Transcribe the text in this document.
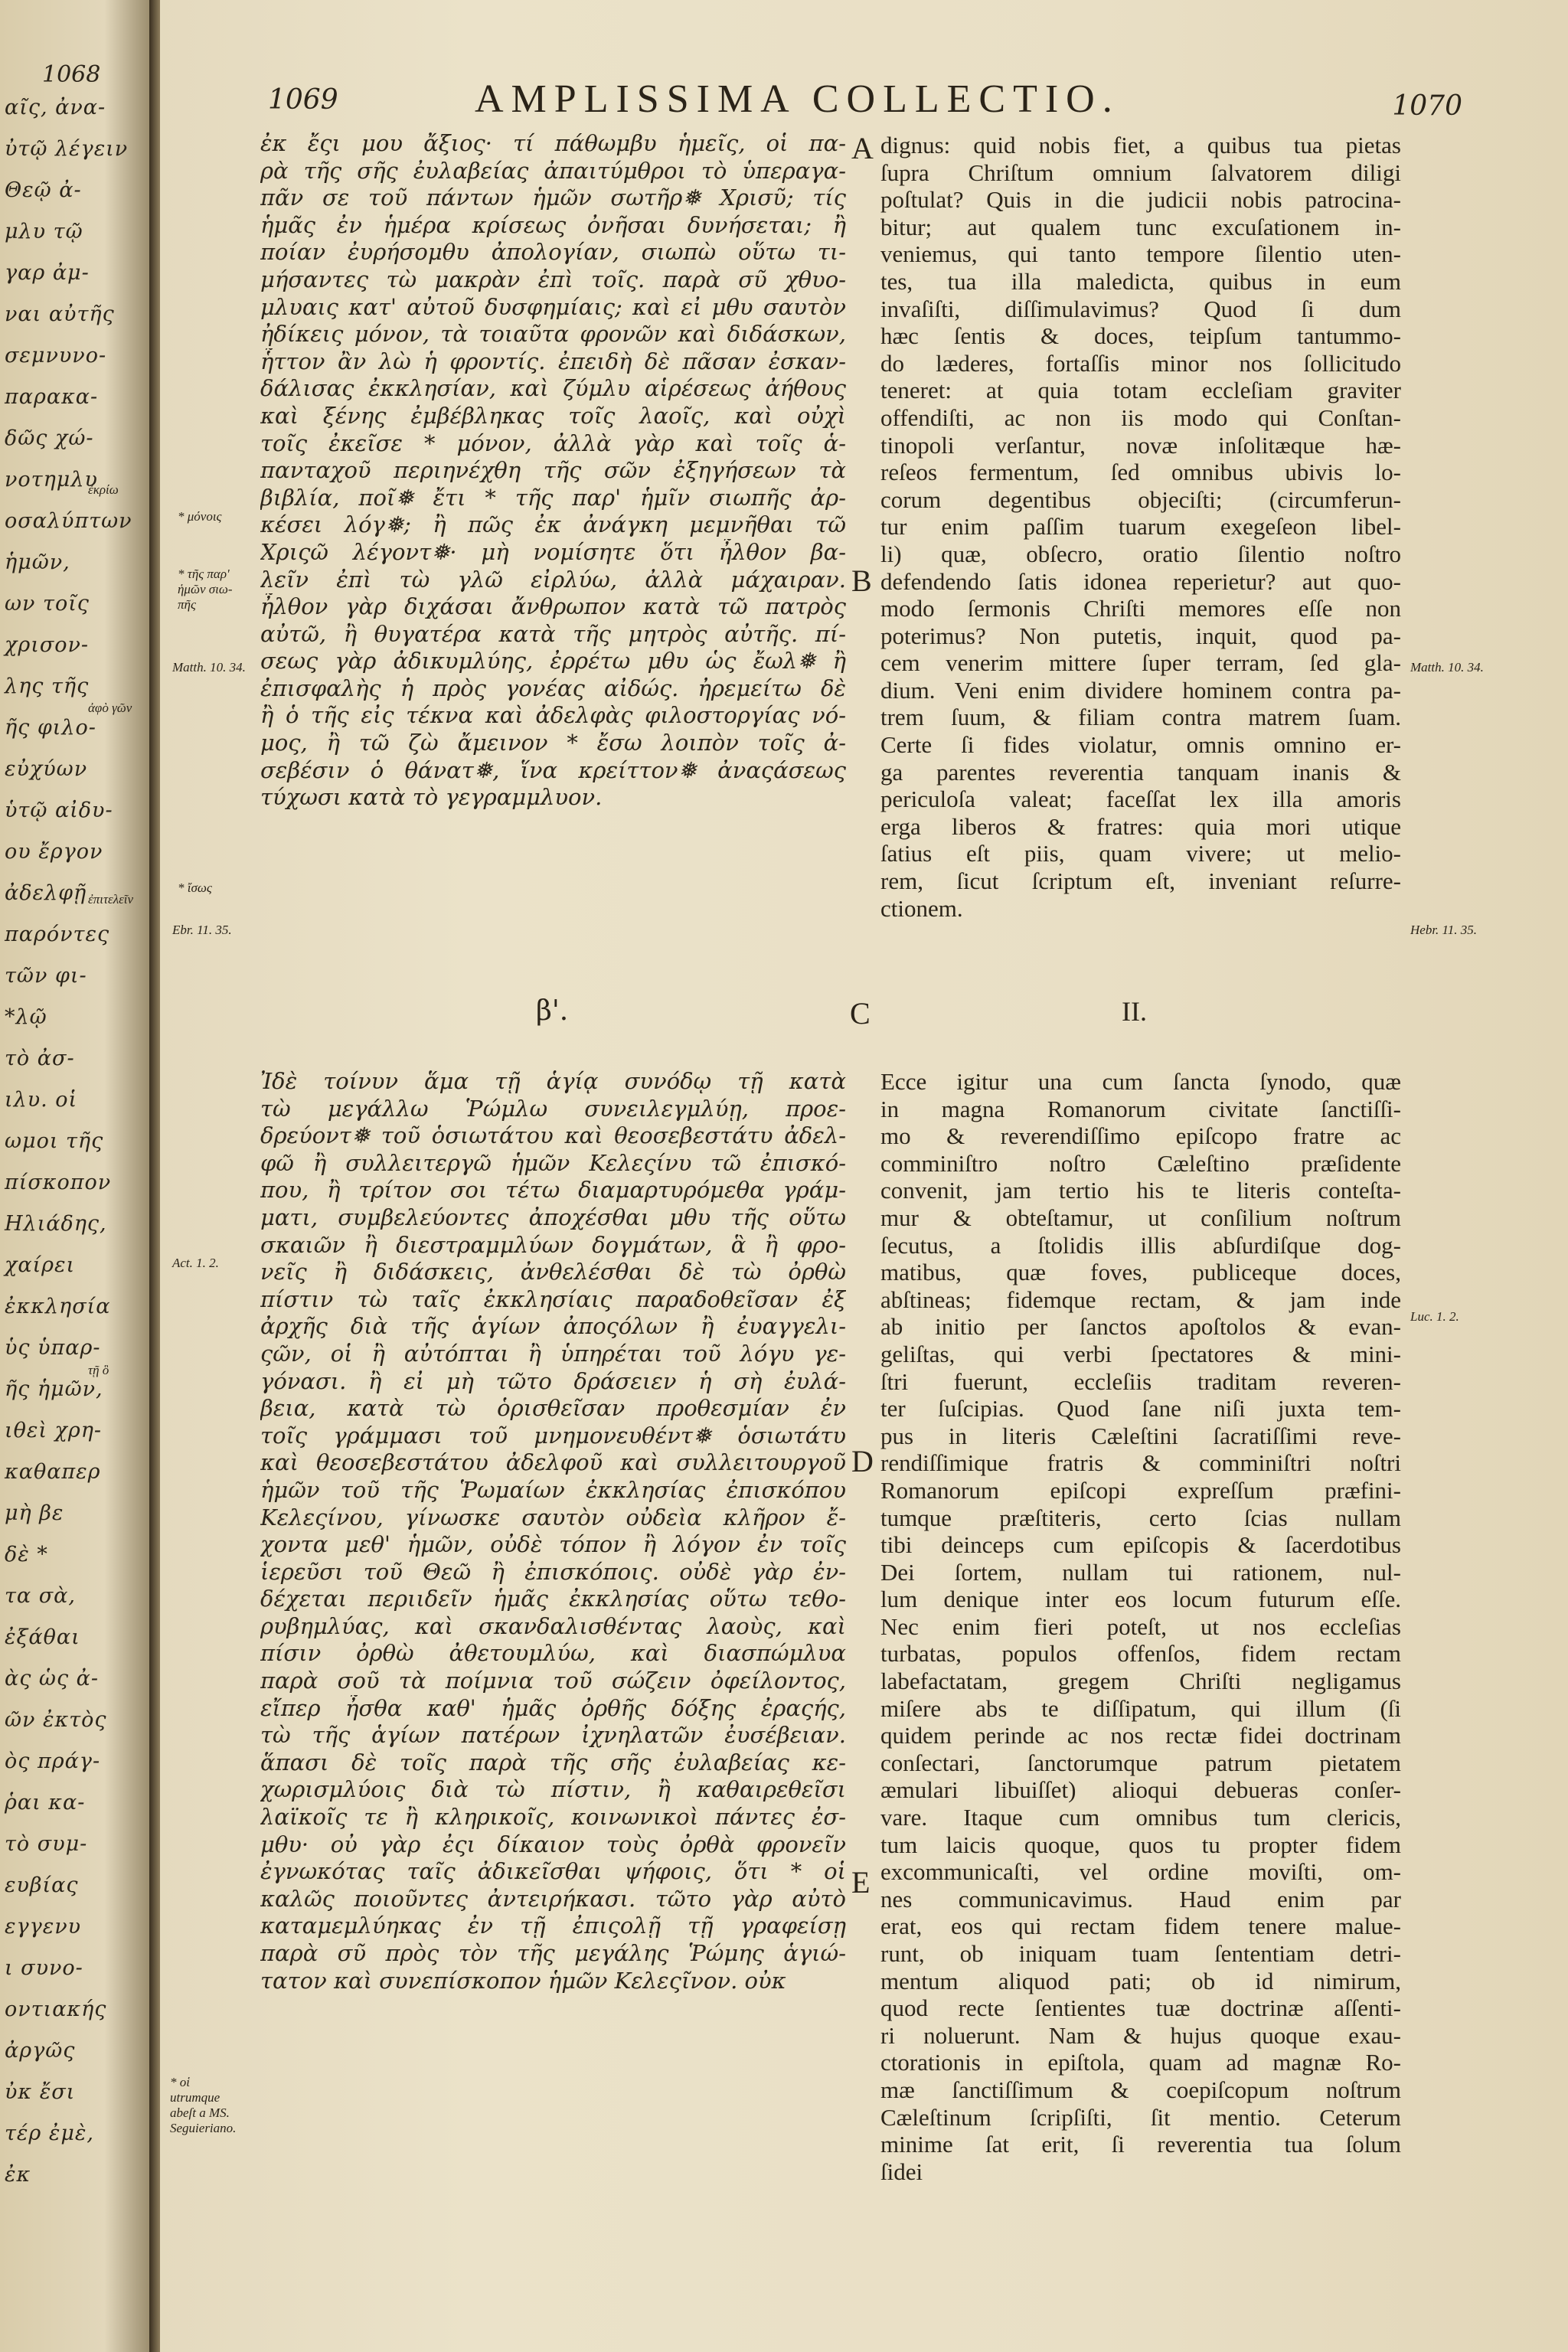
1068
αῖς, ἀνα-
ὐτῷ λέγειν
Θεῷ ἀ-
μλυ τῷ
γαρ ἀμ-
ναι αὐτῆς
σεμνυνο-
παρακα-
δῶς χώ-
νοτημλυ
οσαλύπτων
ἡμῶν,
ων τοῖς
χρισον-
λης τῆς
ῆς φιλο-
εὐχύων
ὑτῷ αἰδυ-
ου ἔργον
ἀδελφῇ
παρόντες
τῶν φι-
*λῷ
τὸ ἀσ-
ιλυ. οἱ
ωμοι τῆς
πίσκοπον
Ηλιάδης,
χαίρει
ἐκκλησία
ὑς ὑπαρ-
ῆς ἡμῶν,
ιθεὶ χρη-
καθαπερ
μὴ βε
δὲ *
τα σὰ,
ἐξάθαι
ὰς ὡς ἀ-
ῶν ἐκτὸς
ὸς πράγ-
ῥαι κα-
τὸ συμ-
ευβίας
εγγενυ
ι συνο-
οντιακής
ἀργῶς
ὐκ ἔσι
τέρ ἐμὲ,
ἐκ
ἐκρίω
ἀφὸ γῶν
ἐπιτελεῖν
τῇ ὃ
1069	AMPLISSIMA COLLECTIO.	1070
ἐκ ἔςι μου ἄξιος· τί πάθωμβυ ἡμεῖς, οἱ πα-
ρὰ τῆς σῆς ἐυλαβείας ἀπαιτύμθροι τὸ ὑπεραγα-
πᾶν σε τοῦ πάντων ἡμῶν σωτῆρ❅ Χρισῦ; τίς
ἡμᾶς ἐν ἡμέρα κρίσεως ὀνῆσαι δυνήσεται; ἢ
ποίαν ἐυρήσομθυ ἀπολογίαν, σιωπὼ οὕτω τι-
μήσαντες τὼ μακρὰν ἐπὶ τοῖς. παρὰ σῦ χθυο-
μλυαις κατ' αὐτοῦ δυσφημίαις; καὶ εἰ μθυ σαυτὸν
ἠδίκεις μόνον, τὰ τοιαῦτα φρονῶν καὶ διδάσκων,
ἧττον ἂν λὼ ἡ φροντίς. ἐπειδὴ δὲ πᾶσαν ἐσκαν-
δάλισας ἐκκλησίαν, καὶ ζύμλυ αἱρέσεως ἀήθους
καὶ ξένης ἐμβέβληκας τοῖς λαοῖς, καὶ οὐχὶ
τοῖς ἐκεῖσε * μόνον, ἀλλὰ γὰρ καὶ τοῖς ἁ-
πανταχοῦ περιηνέχθη τῆς σῶν ἐξηγήσεων τὰ
βιβλία, ποῖ❅ ἔτι * τῆς παρ' ἡμῖν σιωπῆς ἀρ-
κέσει λόγ❅; ἢ πῶς ἐκ ἀνάγκη μεμνῆθαι τῶ
Χριςῶ λέγοντ❅· μὴ νομίσητε ὅτι ἦλθον βα-
λεῖν ἐπὶ τὼ γλῶ εἰρλύω, ἀλλὰ μάχαιραν.
ἦλθον γὰρ διχάσαι ἄνθρωπον κατὰ τῶ πατρὸς
αὐτῶ, ἢ θυγατέρα κατὰ τῆς μητρὸς αὐτῆς. πί-
σεως γὰρ ἀδικυμλύης, ἐρρέτω μθυ ὡς ἔωλ❅ ἢ
ἐπισφαλὴς ἡ πρὸς γονέας αἰδώς. ἠρεμείτω δὲ
ἢ ὁ τῆς εἰς τέκνα καὶ ἀδελφὰς φιλοστοργίας νό-
μος, ἢ τῶ ζὼ ἄμεινον * ἔσω λοιπὸν τοῖς ἀ-
σεβέσιν ὁ θάνατ❅, ἵνα κρείττον❅ ἀναςάσεως
τύχωσι κατὰ τὸ γεγραμμλυον.
dignus: quid nobis fiet, a quibus tua pietas
ſupra Chriſtum omnium ſalvatorem diligi
poſtulat? Quis in die judicii nobis patrocina-
bitur; aut qualem tunc excuſationem in-
veniemus, qui tanto tempore ſilentio uten-
tes, tua illa maledicta, quibus in eum
invaſiſti, diſſimulavimus? Quod ſi dum
hæc ſentis & doces, teipſum tantummo-
do læderes, fortaſſis minor nos ſollicitudo
teneret: at quia totam eccleſiam graviter
offendiſti, ac non iis modo qui Conſtan-
tinopoli verſantur, novæ inſolitæque hæ-
reſeos fermentum, ſed omnibus ubivis lo-
corum degentibus objeciſti; (circumferun-
tur enim paſſim tuarum exegeſeon libel-
li) quæ, obſecro, oratio ſilentio noſtro
defendendo ſatis idonea reperietur? aut quo-
modo ſermonis Chriſti memores eſſe non
poterimus? Non putetis, inquit, quod pa-
cem venerim mittere ſuper terram, ſed gla-
dium. Veni enim dividere hominem contra pa-
trem ſuum, & filiam contra matrem ſuam.
Certe ſi fides violatur, omnis omnino er-
ga parentes reverentia tanquam inanis &
periculoſa valeat; faceſſat lex illa amoris
erga liberos & fratres: quia mori utique
ſatius eſt piis, quam vivere; ut melio-
rem, ſicut ſcriptum eſt, inveniant reſurre-
ctionem.
A
B
D
E
β'.	C	II.
Ἰδὲ τοίνυν ἅμα τῇ ἁγίᾳ συνόδῳ τῇ κατὰ
τὼ μεγάλλω Ῥώμλω συνειλεγμλύῃ, προε-
δρεύοντ❅ τοῦ ὁσιωτάτου καὶ θεοσεβεστάτυ ἀδελ-
φῶ ἢ συλλειτεργῶ ἡμῶν Κελεςίνυ τῶ ἐπισκό-
που, ἢ τρίτον σοι τέτω διαμαρτυρόμεθα γράμ-
ματι, συμβελεύοντες ἀποχέσθαι μθυ τῆς οὕτω
σκαιῶν ἢ διεστραμμλύων δογμάτων, ἃ ἢ φρο-
νεῖς ἢ διδάσκεις, ἀνθελέσθαι δὲ τὼ ὀρθὼ
πίστιν τὼ ταῖς ἐκκλησίαις παραδοθεῖσαν ἐξ
ἀρχῆς διὰ τῆς ἁγίων ἀποςόλων ἢ ἐυαγγελι-
ςῶν, οἱ ἢ αὐτόπται ἢ ὑπηρέται τοῦ λόγυ γε-
γόνασι. ἢ εἰ μὴ τῶτο δράσειεν ἡ σὴ ἐυλά-
βεια, κατὰ τὼ ὁρισθεῖσαν προθεσμίαν ἐν
τοῖς γράμμασι τοῦ μνημονευθέντ❅ ὁσιωτάτυ
καὶ θεοσεβεστάτου ἀδελφοῦ καὶ συλλειτουργοῦ
ἡμῶν τοῦ τῆς Ῥωμαίων ἐκκλησίας ἐπισκόπου
Κελεςίνου, γίνωσκε σαυτὸν οὐδεὶα κλῆρον ἔ-
χοντα μεθ' ἡμῶν, οὐδὲ τόπον ἢ λόγον ἐν τοῖς
ἱερεῦσι τοῦ Θεῶ ἢ ἐπισκόποις. οὐδὲ γὰρ ἐν-
δέχεται περιιδεῖν ἡμᾶς ἐκκλησίας οὕτω τεθο-
ρυβημλύας, καὶ σκανδαλισθέντας λαοὺς, καὶ
πίσιν ὀρθὼ ἀθετουμλύω, καὶ διασπώμλυα
παρὰ σοῦ τὰ ποίμνια τοῦ σώζειν ὀφείλοντος,
εἴπερ ἦσθα καθ' ἡμᾶς ὀρθῆς δόξης ἐραςής,
τὼ τῆς ἁγίων πατέρων ἰχνηλατῶν ἐυσέβειαν.
ἅπασι δὲ τοῖς παρὰ τῆς σῆς ἐυλαβείας κε-
χωρισμλύοις διὰ τὼ πίστιν, ἢ καθαιρεθεῖσι
λαϊκοῖς τε ἢ κληρικοῖς, κοινωνικοὶ πάντες ἐσ-
μθυ· οὐ γὰρ ἐςι δίκαιον τοὺς ὀρθὰ φρονεῖν
ἐγνωκότας ταῖς ἀδικεῖσθαι ψήφοις, ὅτι * οἱ
καλῶς ποιοῦντες ἀντειρήκασι. τῶτο γὰρ αὐτὸ
καταμεμλύηκας ἐν τῇ ἐπιςολῇ τῇ γραφείσῃ
παρὰ σῦ πρὸς τὸν τῆς μεγάλης Ῥώμης ἁγιώ-
τατον καὶ συνεπίσκοπον ἡμῶν Κελεςῖνον. οὐκ
Ecce igitur una cum ſancta ſynodo, quæ
in magna Romanorum civitate ſanctiſſi-
mo & reverendiſſimo epiſcopo fratre ac
comminiſtro noſtro Cæleſtino præſidente
convenit, jam tertio his te literis conteſta-
mur & obteſtamur, ut conſilium noſtrum
ſecutus, a ſtolidis illis abſurdiſque dog-
matibus, quæ foves, publiceque doces,
abſtineas; fidemque rectam, & jam inde
ab initio per ſanctos apoſtolos & evan-
geliſtas, qui verbi ſpectatores & mini-
ſtri fuerunt, eccleſiis traditam reveren-
ter ſuſcipias. Quod ſane niſi juxta tem-
pus in literis Cæleſtini ſacratiſſimi reve-
rendiſſimique fratris & comminiſtri noſtri
Romanorum epiſcopi expreſſum præfini-
tumque præſtiteris, certo ſcias nullam
tibi deinceps cum epiſcopis & ſacerdotibus
Dei ſortem, nullam tui rationem, nul-
lum denique inter eos locum futurum eſſe.
Nec enim fieri poteſt, ut nos eccleſias
turbatas, populos offenſos, fidem rectam
labefactatam, gregem Chriſti negligamus
miſere abs te diſſipatum, qui illum (ſi
quidem perinde ac nos rectæ fidei doctrinam
conſectari, ſanctorumque patrum pietatem
æmulari libuiſſet) alioqui debueras conſer-
vare. Itaque cum omnibus tum clericis,
tum laicis quoque, quos tu propter fidem
excommunicaſti, vel ordine moviſti, om-
nes communicavimus. Haud enim par
erat, eos qui rectam fidem tenere malue-
runt, ob iniquam tuam ſententiam detri-
mentum aliquod pati; ob id nimirum,
quod recte ſentientes tuæ doctrinæ aſſenti-
ri noluerunt. Nam & hujus quoque exau-
ctorationis in epiſtola, quam ad magnæ Ro-
mæ ſanctiſſimum & coepiſcopum noſtrum
Cæleſtinum ſcripſiſti, ſit mentio. Ceterum
minime ſat erit, ſi reverentia tua ſolum
ſidei
* μόνοις
* τῆς παρ'
ἡμῶν σιω-
πῆς
Matth. 10. 34.
* ἴσως
Ebr. 11. 35.
Act. 1. 2.
* οἱ
utrumque
abeſt a MS.
Seguieriano.
Matth. 10. 34.
Hebr. 11. 35.
Luc. 1. 2.
